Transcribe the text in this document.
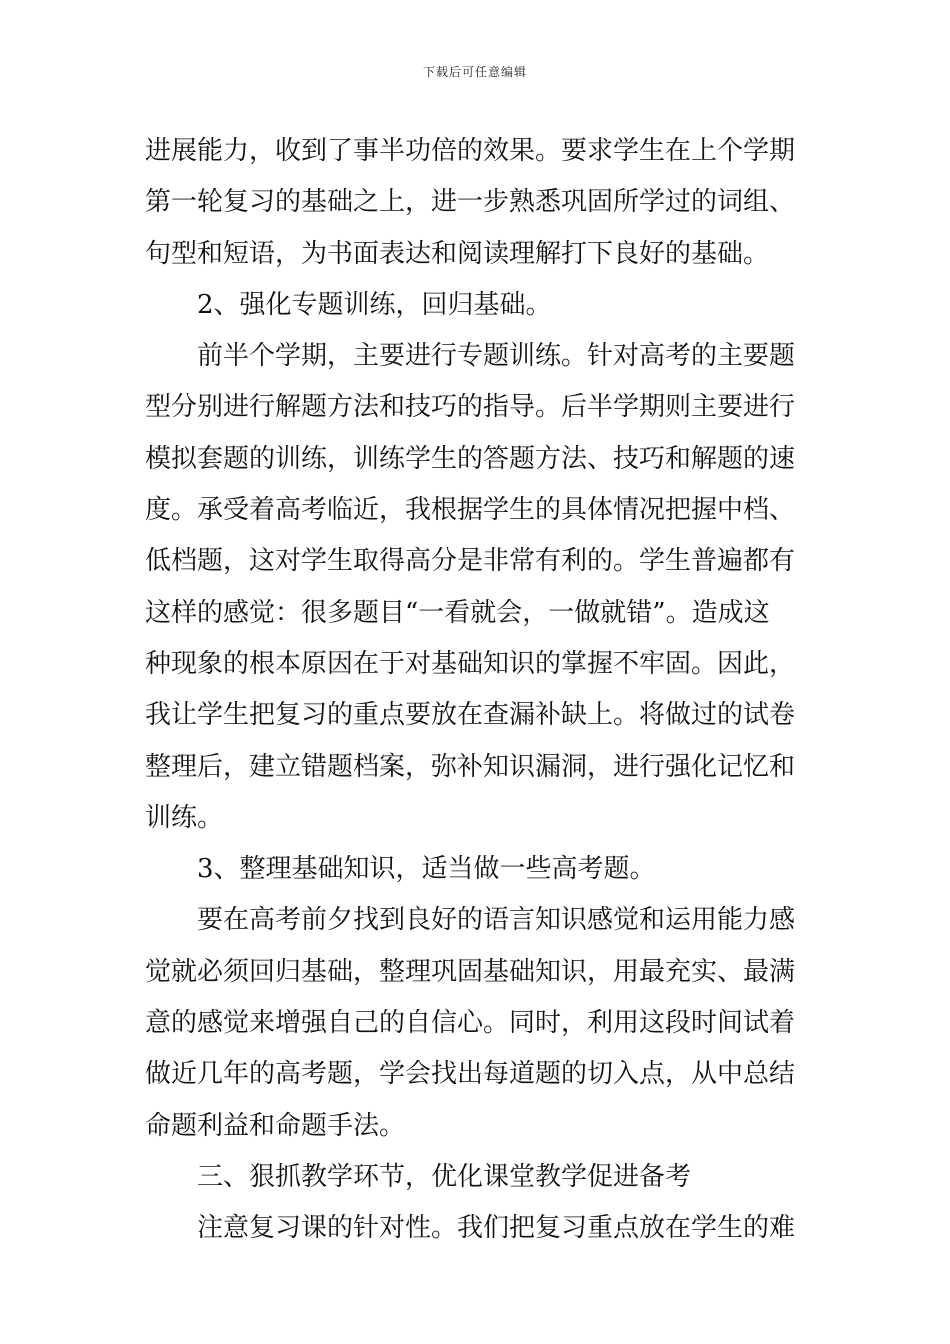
下载后可任意编辑
进展能力，收到了事半功倍的效果。要求学生在上个学期
第一轮复习的基础之上，进一步熟悉巩固所学过的词组、
句型和短语，为书面表达和阅读理解打下良好的基础。
2、强化专题训练，回归基础。
前半个学期，主要进行专题训练。针对高考的主要题
型分别进行解题方法和技巧的指导。后半学期则主要进行
模拟套题的训练，训练学生的答题方法、技巧和解题的速
度。承受着高考临近，我根据学生的具体情况把握中档、
低档题，这对学生取得高分是非常有利的。学生普遍都有
这样的感觉：很多题目“一看就会，一做就错”。造成这
种现象的根本原因在于对基础知识的掌握不牢固。因此，
我让学生把复习的重点要放在查漏补缺上。将做过的试卷
整理后，建立错题档案，弥补知识漏洞，进行强化记忆和
训练。
3、整理基础知识，适当做一些高考题。
要在高考前夕找到良好的语言知识感觉和运用能力感
觉就必须回归基础，整理巩固基础知识，用最充实、最满
意的感觉来增强自己的自信心。同时，利用这段时间试着
做近几年的高考题，学会找出每道题的切入点，从中总结
命题利益和命题手法。
三、狠抓教学环节，优化课堂教学促进备考
注意复习课的针对性。我们把复习重点放在学生的难
